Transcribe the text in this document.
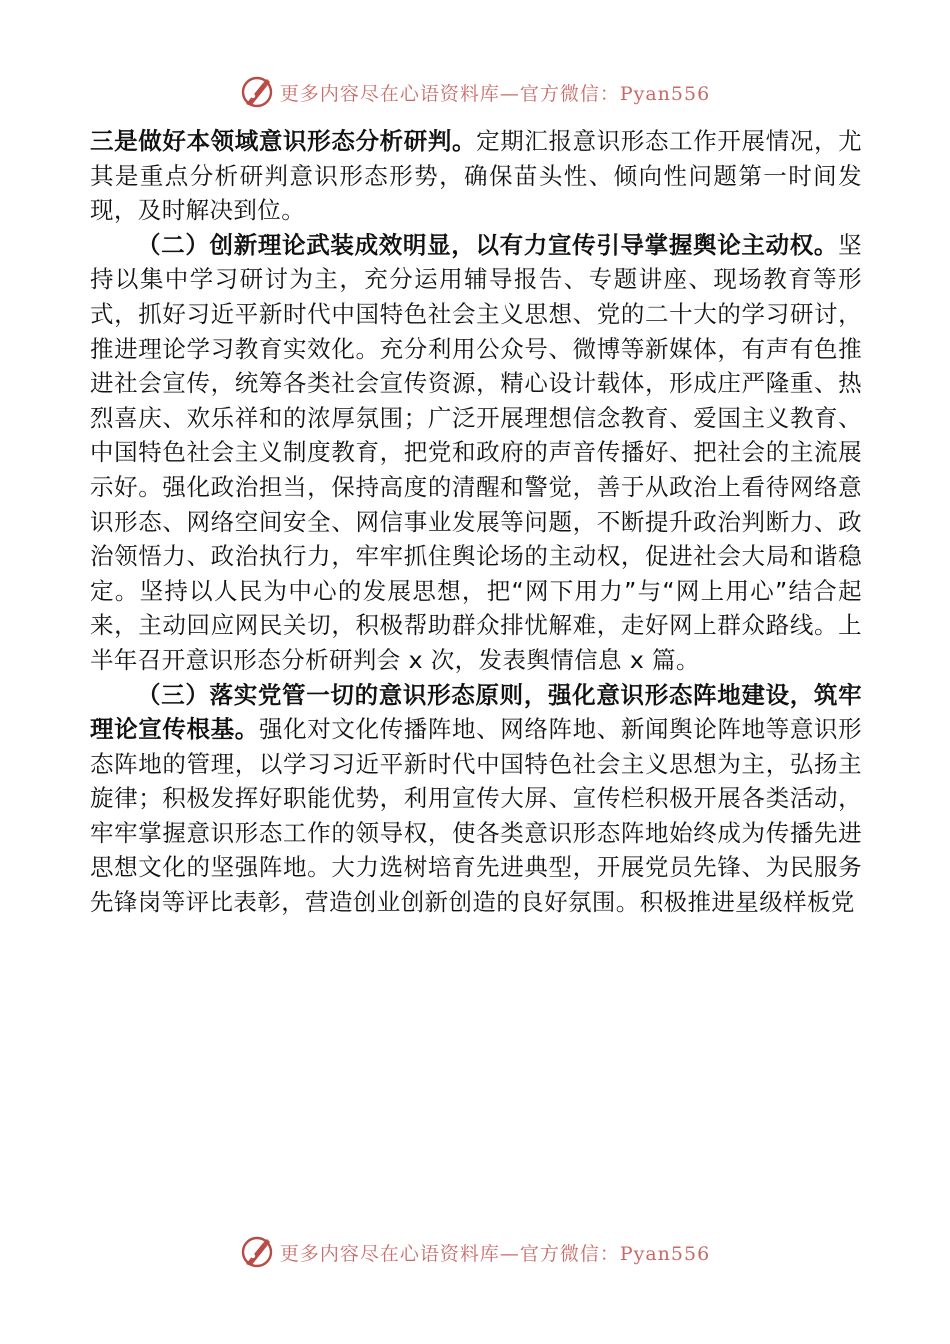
更多内容尽在心语资料库—官方微信：Pyan556

三是做好本领域意识形态分析研判。定期汇报意识形态工作开展情况，尤其是重点分析研判意识形态形势，确保苗头性、倾向性问题第一时间发现，及时解决到位。

（二）创新理论武装成效明显，以有力宣传引导掌握舆论主动权。坚持以集中学习研讨为主，充分运用辅导报告、专题讲座、现场教育等形式，抓好习近平新时代中国特色社会主义思想、党的二十大的学习研讨，推进理论学习教育实效化。充分利用公众号、微博等新媒体，有声有色推进社会宣传，统筹各类社会宣传资源，精心设计载体，形成庄严隆重、热烈喜庆、欢乐祥和的浓厚氛围；广泛开展理想信念教育、爱国主义教育、中国特色社会主义制度教育，把党和政府的声音传播好、把社会的主流展示好。强化政治担当，保持高度的清醒和警觉，善于从政治上看待网络意识形态、网络空间安全、网信事业发展等问题，不断提升政治判断力、政治领悟力、政治执行力，牢牢抓住舆论场的主动权，促进社会大局和谐稳定。坚持以人民为中心的发展思想，把“网下用力”与“网上用心”结合起来，主动回应网民关切，积极帮助群众排忧解难，走好网上群众路线。上半年召开意识形态分析研判会 x 次，发表舆情信息 x 篇。

（三）落实党管一切的意识形态原则，强化意识形态阵地建设，筑牢理论宣传根基。强化对文化传播阵地、网络阵地、新闻舆论阵地等意识形态阵地的管理，以学习习近平新时代中国特色社会主义思想为主，弘扬主旋律；积极发挥好职能优势，利用宣传大屏、宣传栏积极开展各类活动，牢牢掌握意识形态工作的领导权，使各类意识形态阵地始终成为传播先进思想文化的坚强阵地。大力选树培育先进典型，开展党员先锋、为民服务先锋岗等评比表彰，营造创业创新创造的良好氛围。积极推进星级样板党

更多内容尽在心语资料库—官方微信：Pyan556
